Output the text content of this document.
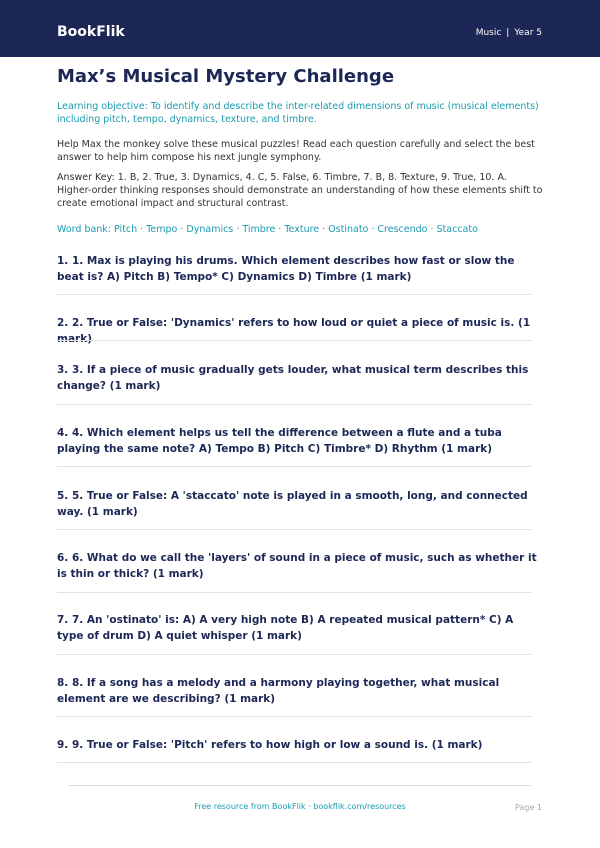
BookFlik	Music | Year 5
Max’s Musical Mystery Challenge

Learning objective: To identify and describe the inter-related dimensions of music (musical elements) including pitch, tempo, dynamics, texture, and timbre.

Help Max the monkey solve these musical puzzles! Read each question carefully and select the best answer to help him compose his next jungle symphony.

Answer Key: 1. B, 2. True, 3. Dynamics, 4. C, 5. False, 6. Timbre, 7. B, 8. Texture, 9. True, 10. A. Higher-order thinking responses should demonstrate an understanding of how these elements shift to create emotional impact and structural contrast.

Word bank: Pitch · Tempo · Dynamics · Timbre · Texture · Ostinato · Crescendo · Staccato

1. 1. Max is playing his drums. Which element describes how fast or slow the beat is? A) Pitch B) Tempo* C) Dynamics D) Timbre (1 mark)

2. 2. True or False: 'Dynamics' refers to how loud or quiet a piece of music is. (1 mark)

3. 3. If a piece of music gradually gets louder, what musical term describes this change? (1 mark)

4. 4. Which element helps us tell the difference between a flute and a tuba playing the same note? A) Tempo B) Pitch C) Timbre* D) Rhythm (1 mark)

5. 5. True or False: A 'staccato' note is played in a smooth, long, and connected way. (1 mark)

6. 6. What do we call the 'layers' of sound in a piece of music, such as whether it is thin or thick? (1 mark)

7. 7. An 'ostinato' is: A) A very high note B) A repeated musical pattern* C) A type of drum D) A quiet whisper (1 mark)

8. 8. If a song has a melody and a harmony playing together, what musical element are we describing? (1 mark)

9. 9. True or False: 'Pitch' refers to how high or low a sound is. (1 mark)

Free resource from BookFlik · bookflik.com/resources	Page 1
